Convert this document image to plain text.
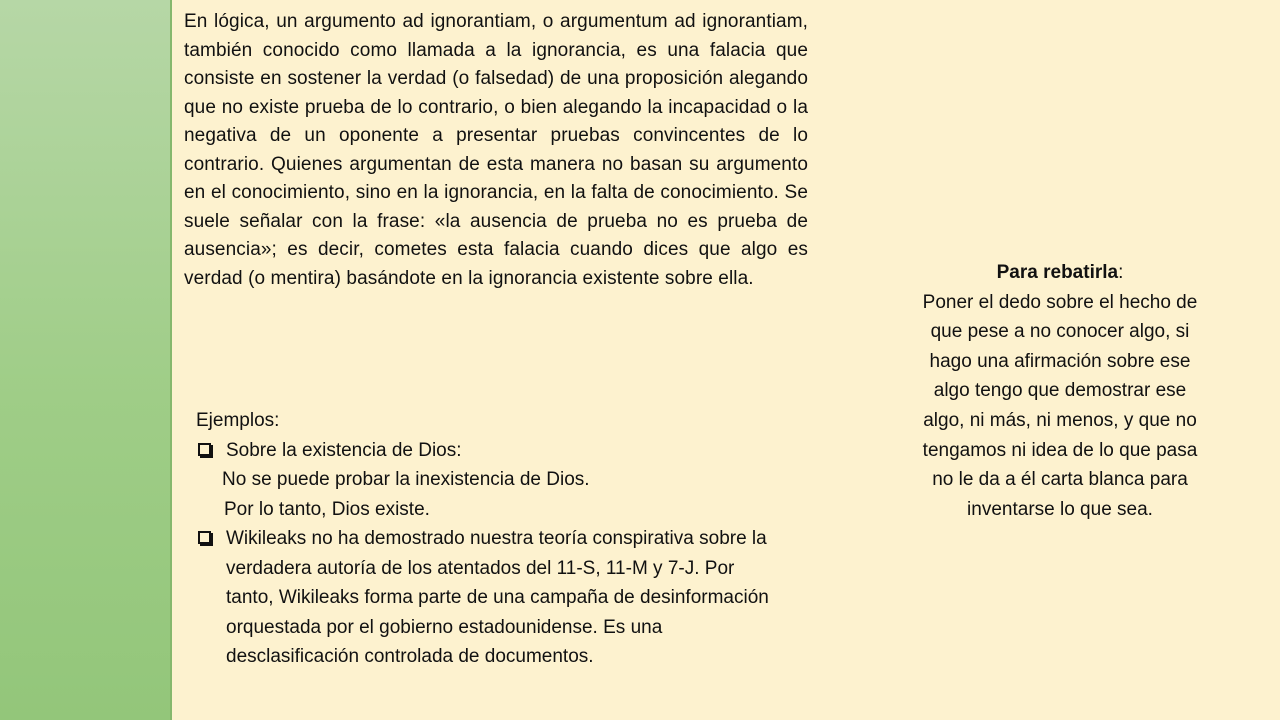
En lógica, un argumento ad ignorantiam, o argumentum ad ignorantiam, también conocido como llamada a la ignorancia, es una falacia que consiste en sostener la verdad (o falsedad) de una proposición alegando que no existe prueba de lo contrario, o bien alegando la incapacidad o la negativa de un oponente a presentar pruebas convincentes de lo contrario. Quienes argumentan de esta manera no basan su argumento en el conocimiento, sino en la ignorancia, en la falta de conocimiento. Se suele señalar con la frase: «la ausencia de prueba no es prueba de ausencia»; es decir, cometes esta falacia cuando dices que algo es verdad (o mentira) basándote en la ignorancia existente sobre ella.
Ejemplos:
Sobre la existencia de Dios:
No se puede probar la inexistencia de Dios.
Por lo tanto, Dios existe.
Wikileaks no ha demostrado nuestra teoría conspirativa sobre la verdadera autoría de los atentados del 11-S, 11-M y 7-J. Por tanto, Wikileaks forma parte de una campaña de desinformación orquestada por el gobierno estadounidense. Es una desclasificación controlada de documentos.
Para rebatirla:
Poner el dedo sobre el hecho de que pese a no conocer algo, si hago una afirmación sobre ese algo tengo que demostrar ese algo, ni más, ni menos, y que no tengamos ni idea de lo que pasa no le da a él carta blanca para inventarse lo que sea.
